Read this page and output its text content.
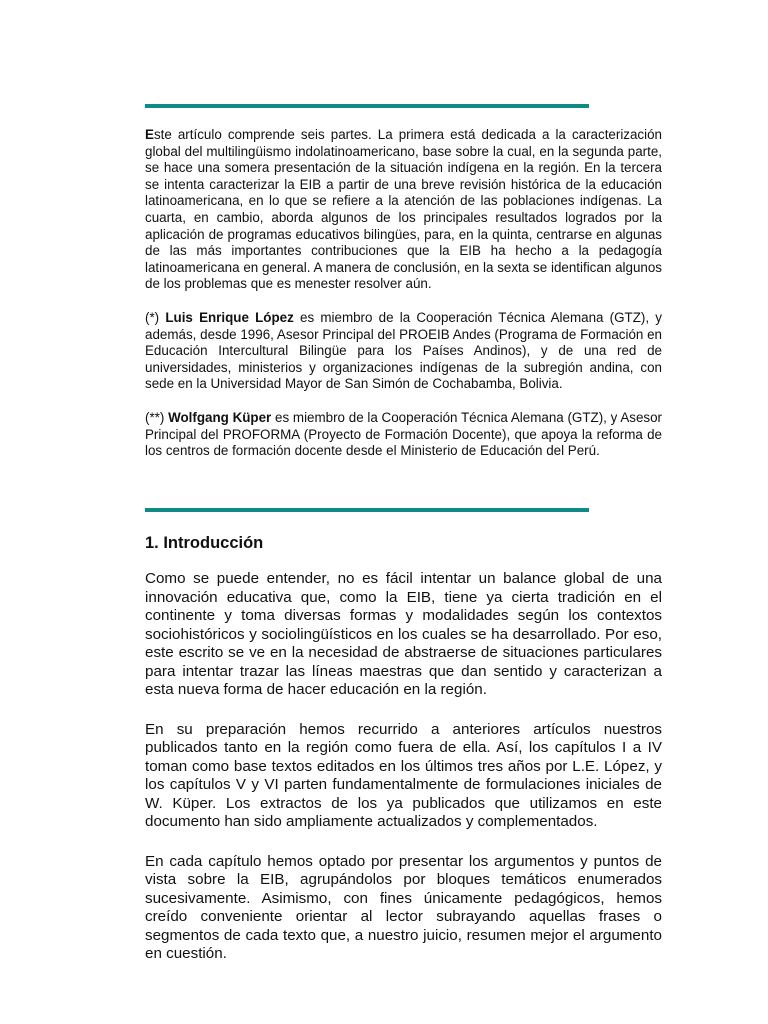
Este artículo comprende seis partes. La primera está dedicada a la caracterización global del multilingüismo indolatinoamericano, base sobre la cual, en la segunda parte, se hace una somera presentación de la situación indígena en la región. En la tercera se intenta caracterizar la EIB a partir de una breve revisión histórica de la educación latinoamericana, en lo que se refiere a la atención de las poblaciones indígenas. La cuarta, en cambio, aborda algunos de los principales resultados logrados por la aplicación de programas educativos bilingües, para, en la quinta, centrarse en algunas de las más importantes contribuciones que la EIB ha hecho a la pedagogía latinoamericana en general. A manera de conclusión, en la sexta se identifican algunos de los problemas que es menester resolver aún.

(*) Luis Enrique López es miembro de la Cooperación Técnica Alemana (GTZ), y además, desde 1996, Asesor Principal del PROEIB Andes (Programa de Formación en Educación Intercultural Bilingüe para los Países Andinos), y de una red de universidades, ministerios y organizaciones indígenas de la subregión andina, con sede en la Universidad Mayor de San Simón de Cochabamba, Bolivia.

(**) Wolfgang Küper es miembro de la Cooperación Técnica Alemana (GTZ), y Asesor Principal del PROFORMA (Proyecto de Formación Docente), que apoya la reforma de los centros de formación docente desde el Ministerio de Educación del Perú.

1. Introducción

Como se puede entender, no es fácil intentar un balance global de una innovación educativa que, como la EIB, tiene ya cierta tradición en el continente y toma diversas formas y modalidades según los contextos sociohistóricos y sociolingüísticos en los cuales se ha desarrollado. Por eso, este escrito se ve en la necesidad de abstraerse de situaciones particulares para intentar trazar las líneas maestras que dan sentido y caracterizan a esta nueva forma de hacer educación en la región.

En su preparación hemos recurrido a anteriores artículos nuestros publicados tanto en la región como fuera de ella. Así, los capítulos I a IV toman como base textos editados en los últimos tres años por L.E. López, y los capítulos V y VI parten fundamentalmente de formulaciones iniciales de W. Küper. Los extractos de los ya publicados que utilizamos en este documento han sido ampliamente actualizados y complementados.

En cada capítulo hemos optado por presentar los argumentos y puntos de vista sobre la EIB, agrupándolos por bloques temáticos enumerados sucesivamente. Asimismo, con fines únicamente pedagógicos, hemos creído conveniente orientar al lector subrayando aquellas frases o segmentos de cada texto que, a nuestro juicio, resumen mejor el argumento en cuestión.
